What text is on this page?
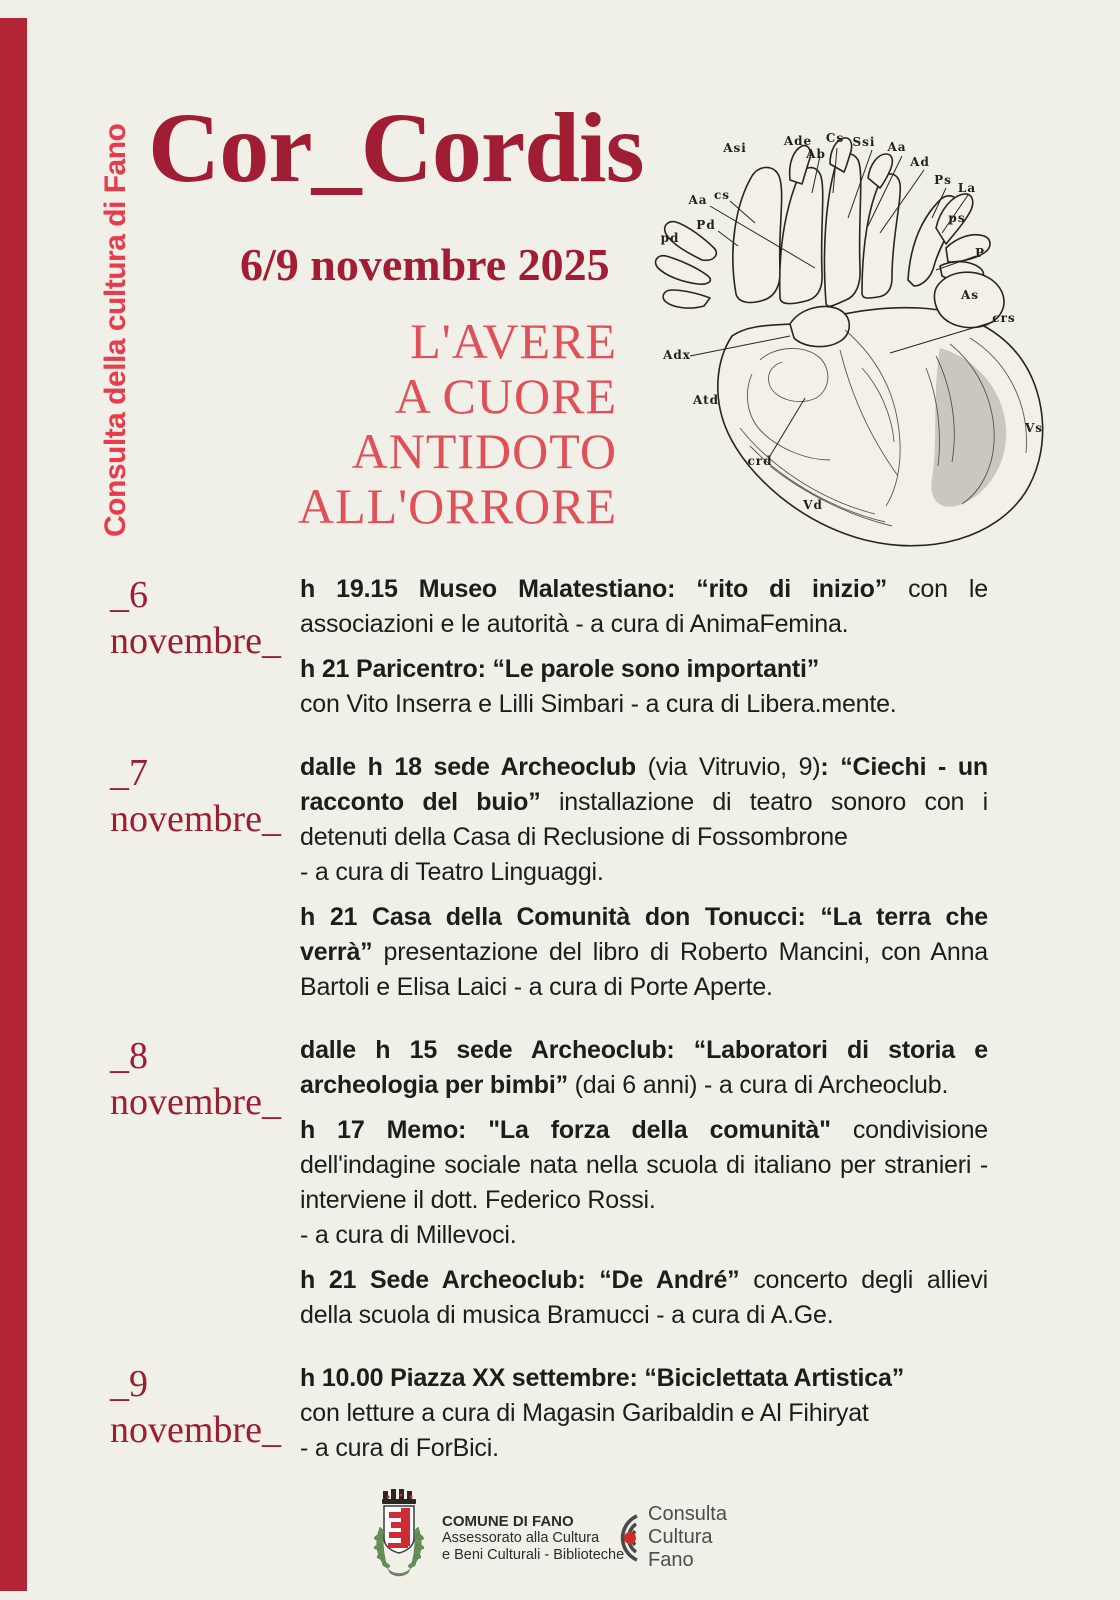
Consulta della cultura di Fano Cor_Cordis
6/9 novembre 2025
L'AVERE
A CUORE
ANTIDOTO
ALL'ORRORE
Asi	Ade
Ab
Cs Ssi Aa
Ad
Ps
La
ps
Aa cs
Pd
pd
P
As
crs
Adx
Atd
crd
Vd
Vs
_6
novembre_

h 19.15 Museo Malatestiano: “rito di inizio” con le associazioni e le autorità - a cura di AnimaFemina.

h 21 Paricentro: “Le parole sono importanti”
con Vito Inserra e Lilli Simbari - a cura di Libera.mente.

_7
novembre_

dalle h 18 sede Archeoclub (via Vitruvio, 9): “Ciechi - un racconto del buio” installazione di teatro sonoro con i detenuti della Casa di Reclusione di Fossombrone
- a cura di Teatro Linguaggi.

h 21 Casa della Comunità don Tonucci: “La terra che verrà” presentazione del libro di Roberto Mancini, con Anna Bartoli e Elisa Laici - a cura di Porte Aperte.

_8
novembre_

dalle h 15 sede Archeoclub: “Laboratori di storia e archeologia per bimbi” (dai 6 anni) - a cura di Archeoclub.

h 17 Memo: "La forza della comunità" condivisione dell'indagine sociale nata nella scuola di italiano per stranieri - interviene il dott. Federico Rossi.
- a cura di Millevoci.

h 21 Sede Archeoclub: “De André” concerto degli allievi della scuola di musica Bramucci - a cura di A.Ge.

_9
novembre_

h 10.00 Piazza XX settembre: “Biciclettata Artistica”
con letture a cura di Magasin Garibaldin e Al Fihiryat
- a cura di ForBici.

COMUNE DI FANO
Assessorato alla Cultura
e Beni Culturali - Biblioteche
Consulta
Cultura
Fano
